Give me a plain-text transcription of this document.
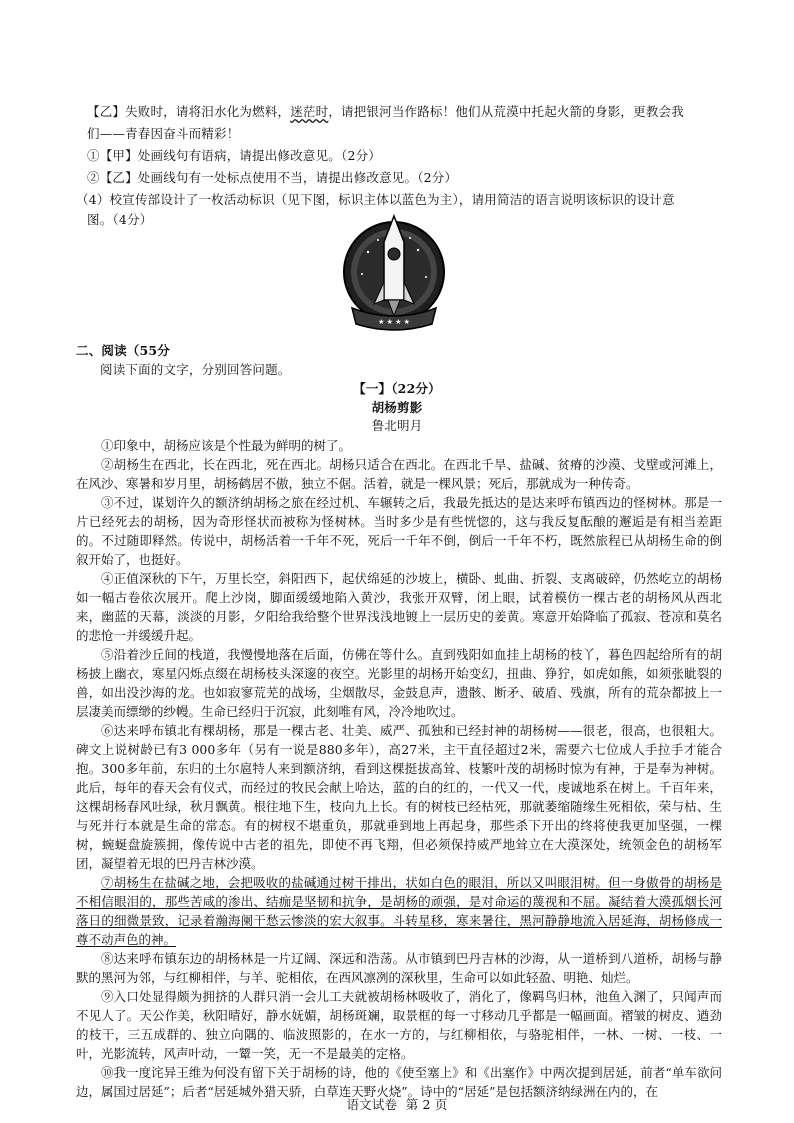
【乙】失败时，请将汨水化为燃料，迷茫时，请把银河当作路标！他们从荒漠中托起火箭的身影，更教会我
们——青春因奋斗而精彩！
①【甲】处画线句有语病，请提出修改意见。（2分）
②【乙】处画线句有一处标点使用不当，请提出修改意见。（2分）
（4）校宣传部设计了一枚活动标识（见下图，标识主体以蓝色为主），请用简洁的语言说明该标识的设计意
图。（4分）
★ ★ ★ ★
二、阅读（55分
阅读下面的文字，分别回答问题。
【一】（22分）
胡杨剪影
鲁北明月

①印象中，胡杨应该是个性最为鲜明的树了。

②胡杨生在西北，长在西北，死在西北。胡杨只适合在西北。在西北千旱、盐碱、贫瘠的沙漠、戈壁或河滩上，在风沙、寒暑和岁月里，胡杨鹤居不傲，独立不倨。活着，就是一棵风景；死后，那就成为一种传奇。

③不过，谋划许久的额济纳胡杨之旅在经过机、车辗转之后，我最先抵达的是达来呼布镇西边的怪树林。那是一片已经死去的胡杨，因为奇形怪状而被称为怪树林。当时多少是有些恍惚的，这与我反复酝酿的邂逅是有相当差距的。不过随即释然。传说中，胡杨活着一千年不死，死后一千年不倒，倒后一千年不朽，既然旅程已从胡杨生命的倒叙开始了，也挺好。

④正值深秋的下午，万里长空，斜阳西下，起伏绵延的沙坡上，横卧、虬曲、折裂、支离破碎，仍然屹立的胡杨如一幅古卷依次展开。爬上沙岗，脚面缓缓地陷入黄沙，我张开双臂，闭上眼，试着模仿一棵古老的胡杨风从西北来，幽蓝的天幕，淡淡的月影，夕阳给我给整个世界浅浅地镀上一层历史的姜黄。寒意开始降临了孤寂、苍凉和莫名的悲怆一并缓缓升起。

⑤沿着沙丘间的栈道，我慢慢地落在后面，仿佛在等什么。直到残阳如血挂上胡杨的枝丫，暮色四起给所有的胡杨披上幽衣，寒星闪烁点缀在胡杨枝头深邃的夜空。光影里的胡杨开始变幻，扭曲、狰狞，如虎如熊，如须张眦裂的兽，如出没沙海的龙。也如寂寥荒芜的战场，尘烟散尽，金鼓息声，遗骸、断矛、破盾、残旗，所有的荒杂都披上一层凄美而缥缈的纱幔。生命已经归于沉寂，此刻唯有风，冷冷地吹过。

⑥达来呼布镇北有棵胡杨，那是一棵古老、壮美、威严、孤独和已经封神的胡杨树——很老，很高，也很粗大。碑文上说树龄已有3 000多年（另有一说是880多年），高27米，主干直径超过2米，需要六七位成人手拉手才能合抱。300多年前，东归的土尔扈特人来到额济纳，看到这棵挺拔高耸、枝繁叶茂的胡杨时惊为有神，于是奉为神树。此后，每年的春天会有仪式，而经过的牧民会献上哈达，蓝的白的红的，一代又一代，虔诚地系在树上。千百年来，这棵胡杨春风吐绿，秋月飘黄。根往地下生，枝向九上长。有的树枝已经枯死，那就萎缩随缘生死相依，荣与枯、生与死并行本就是生命的常态。有的树杈不堪重负，那就垂到地上再起身，那些杀下开出的终将使我更加坚强，一棵树，蜿蜒盘旋簇拥，像传说中古老的祖先，即使不再飞翔，但必须保持威严地耸立在大漠深处，统领金色的胡杨军团，凝望着无垠的巴丹吉林沙漠。

⑦胡杨生在盐碱之地，会把吸收的盐碱通过树干排出，状如白色的眼泪，所以又叫眼泪树。但一身傲骨的胡杨是不相信眼泪的，那些苦咸的渗出、结痂是坚韧和抗争，是胡杨的顽强，是对命运的蔑视和不屈。凝结着大漠孤烟长河落日的细微景致，记录着瀚海阑干愁云惨淡的宏大叙事。斗转星移，寒来暑往，黑河静静地流入居延海，胡杨修成一尊不动声色的神。

⑧达来呼布镇东边的胡杨林是一片辽阔、深远和浩荡。从市镇到巴丹吉林的沙海，从一道桥到八道桥，胡杨与静默的黑河为邻，与红柳相伴，与羊、驼相依，在西风凛冽的深秋里，生命可以如此轻盈、明艳、灿烂。

⑨入口处显得颇为拥挤的人群只消一会儿工夫就被胡杨林吸收了，消化了，像羁鸟归林，池鱼入渊了，只闻声而不见人了。天公作美，秋阳晴好，静水妩媚，胡杨斑斓，取景框的每一寸移动几乎都是一幅画面。褶皱的树皮、遒劲的枝干，三五成群的、独立向隅的、临波照影的，在水一方的，与红柳相依，与骆驼相伴，一林、一树、一枝、一叶，光影流转，风声叶动，一颦一笑，无一不是最美的定格。

⑩我一度诧异王维为何没有留下关于胡杨的诗，他的《使至塞上》和《出塞作》中两次提到居延，前者“单车欲问边，属国过居延”；后者“居延城外猎天骄，白草连天野火烧”。诗中的“居延”是包括额济纳绿洲在内的，在

语文试卷 第 2 页
